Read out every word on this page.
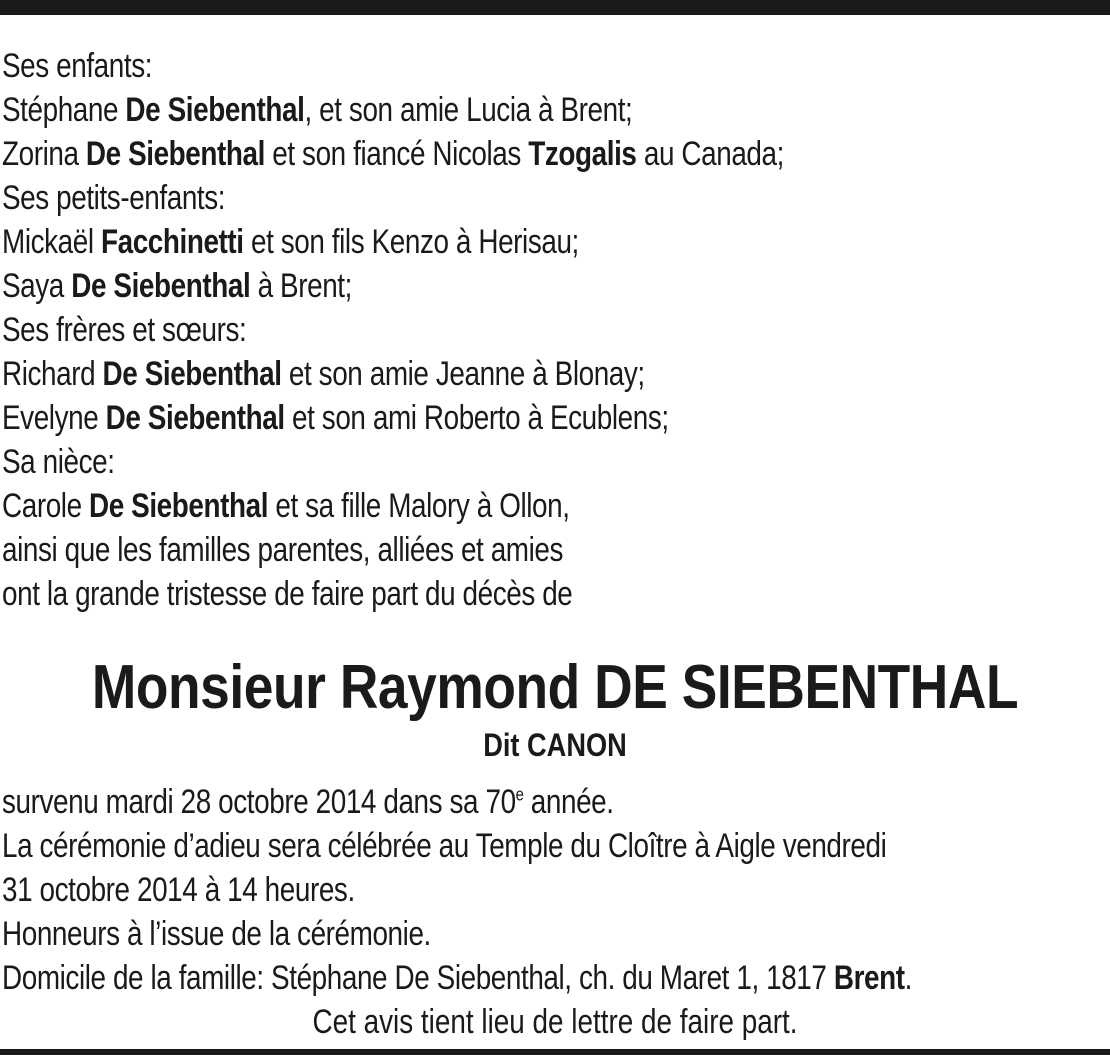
Ses enfants:
Stéphane De Siebenthal, et son amie Lucia à Brent;
Zorina De Siebenthal et son fiancé Nicolas Tzogalis au Canada;
Ses petits-enfants:
Mickaël Facchinetti et son fils Kenzo à Herisau;
Saya De Siebenthal à Brent;
Ses frères et sœurs:
Richard De Siebenthal et son amie Jeanne à Blonay;
Evelyne De Siebenthal et son ami Roberto à Ecublens;
Sa nièce:
Carole De Siebenthal et sa fille Malory à Ollon,
ainsi que les familles parentes, alliées et amies
ont la grande tristesse de faire part du décès de
Monsieur Raymond DE SIEBENTHAL
Dit CANON
survenu mardi 28 octobre 2014 dans sa 70e année.
La cérémonie d’adieu sera célébrée au Temple du Cloître à Aigle vendredi
31 octobre 2014 à 14 heures.
Honneurs à l’issue de la cérémonie.
Domicile de la famille: Stéphane De Siebenthal, ch. du Maret 1, 1817 Brent.
Cet avis tient lieu de lettre de faire part.
